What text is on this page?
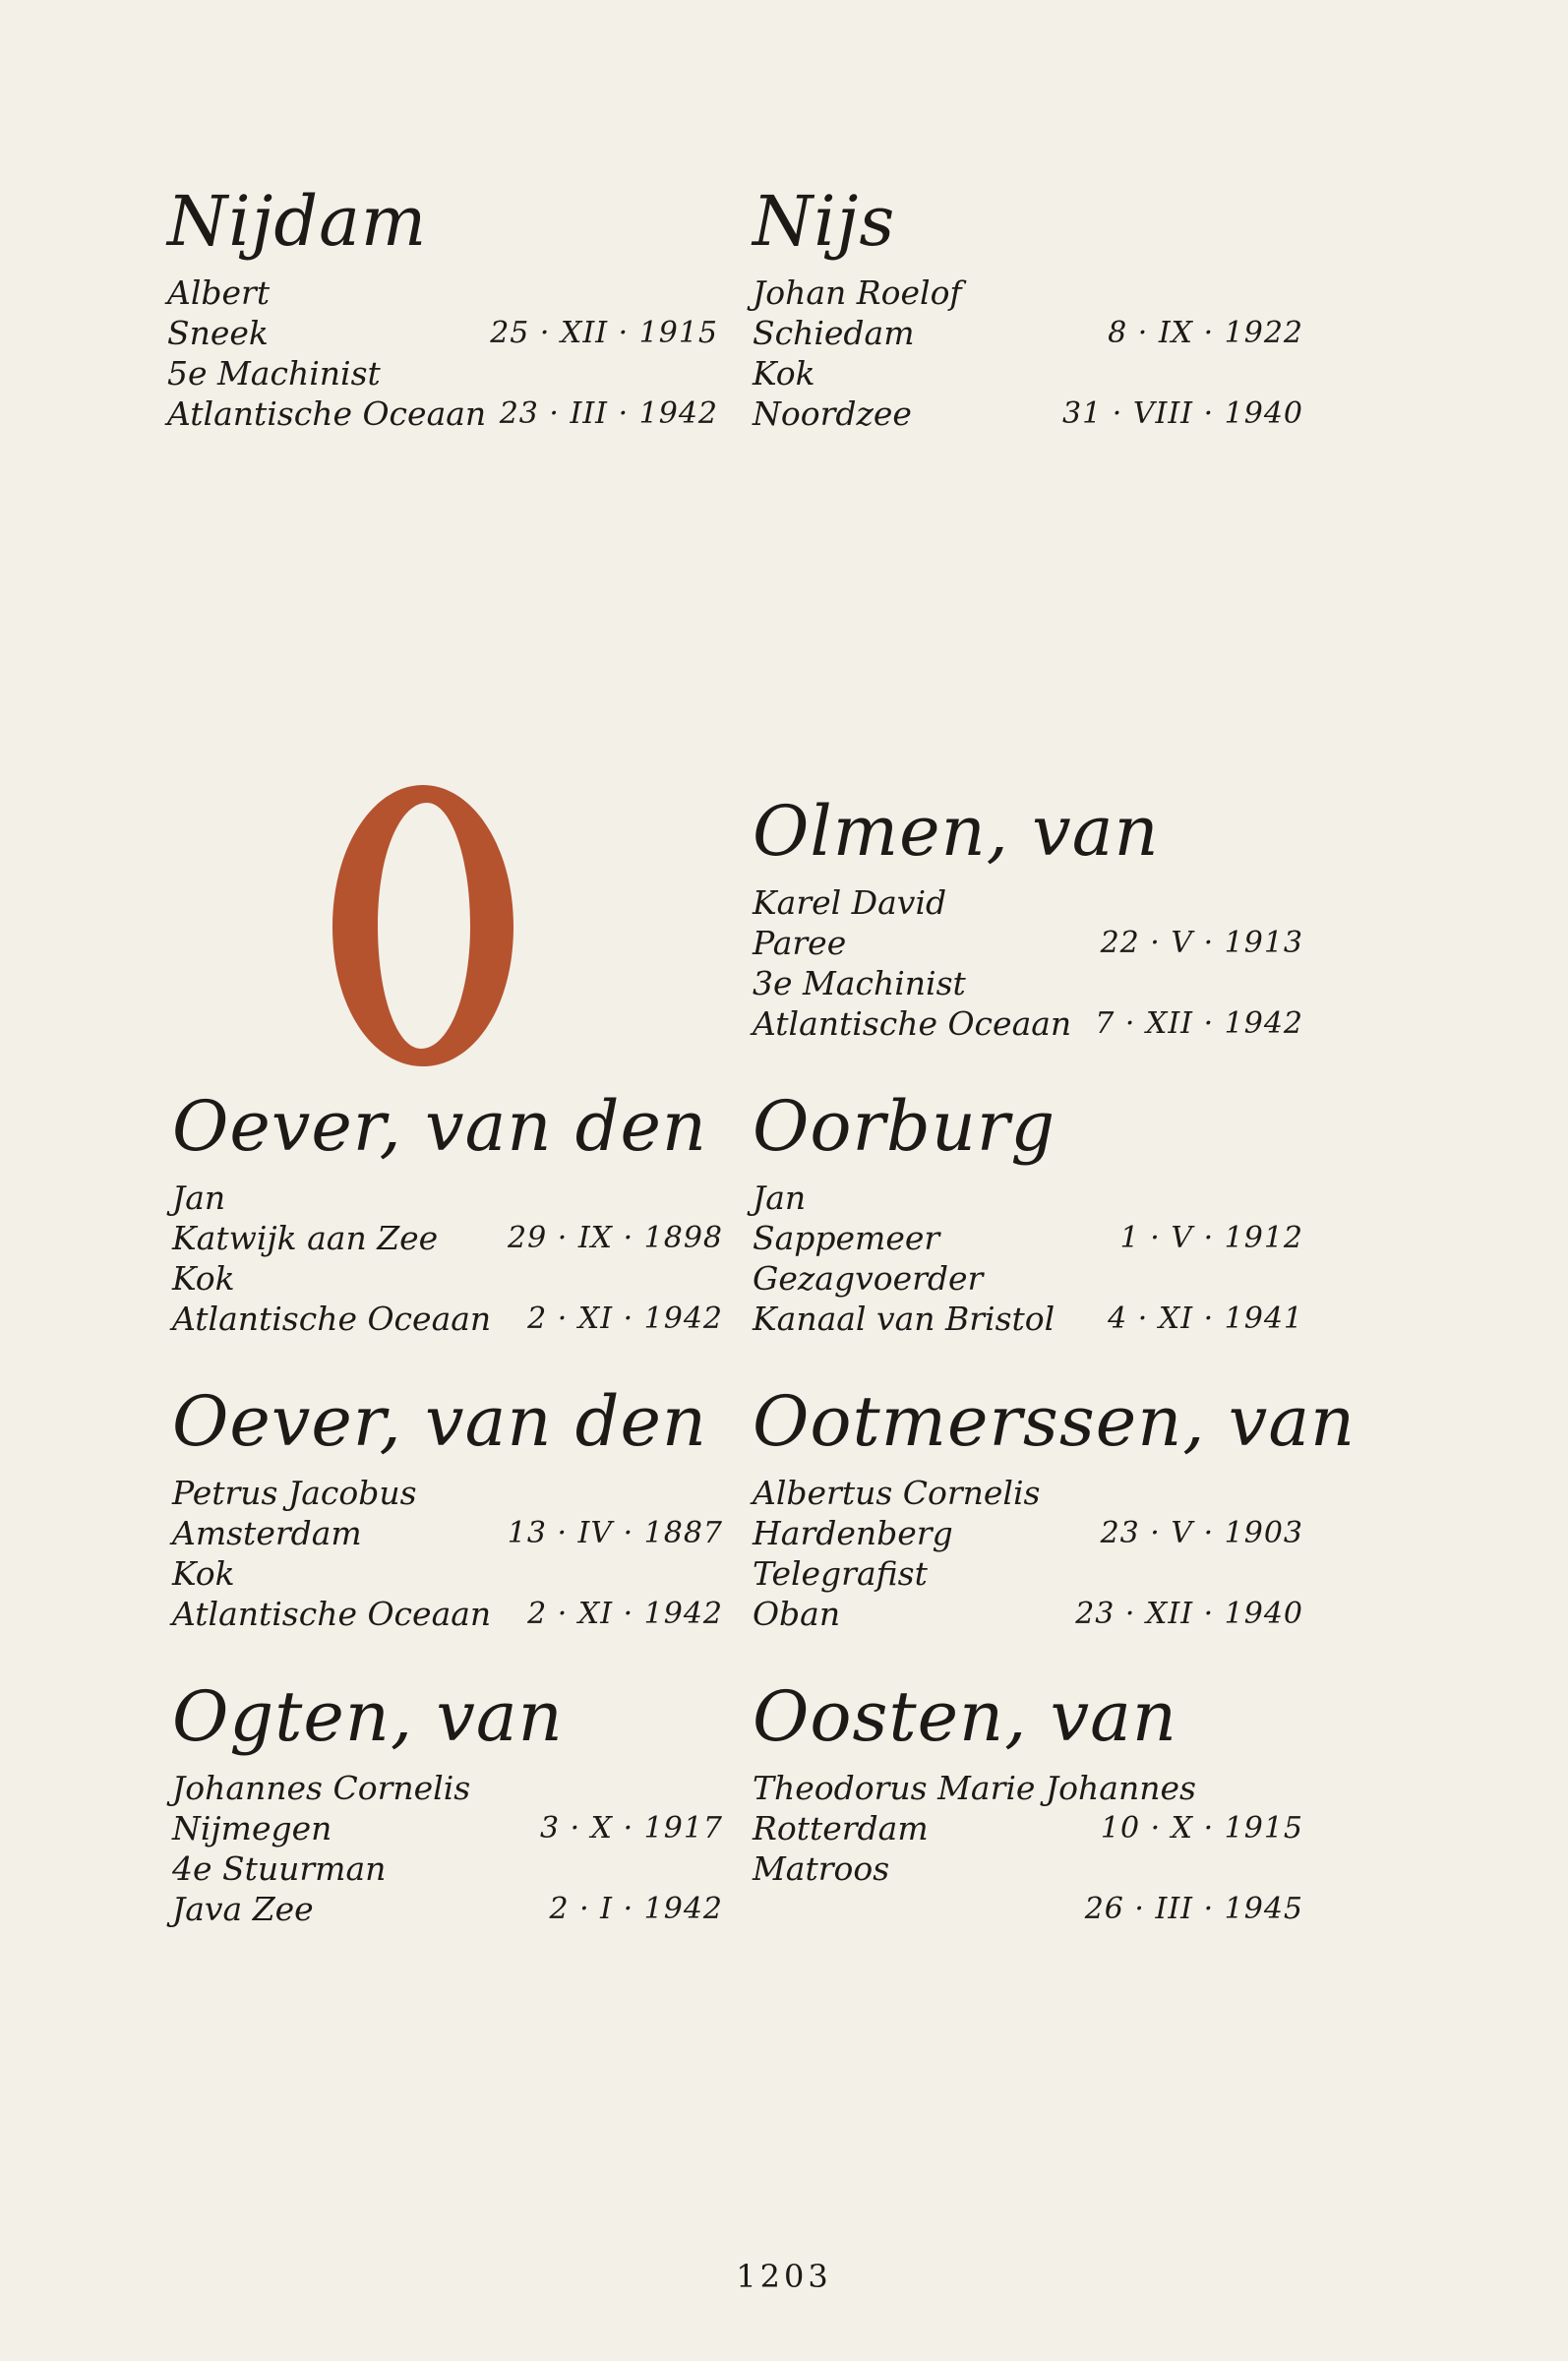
Nijdam
Albert
Sneek	25 · XII · 1915
5e Machinist
Atlantische Oceaan 23 · III · 1942
Oever, van den
Jan
Katwijk aan Zee 29 · IX · 1898
Kok
Atlantische Oceaan 2 · XI · 1942
Oever, van den
Petrus Jacobus
Amsterdam	13 · IV · 1887
Kok
Atlantische Oceaan 2 · XI · 1942
Ogten, van
Johannes Cornelis
Nijmegen	3 · X · 1917
4e Stuurman
Java Zee	2 · I · 1942
Nijs
Johan Roelof
Schiedam	8 · IX · 1922
Kok
Noordzee	31 · VIII · 1940
Olmen, van
Karel David
Paree	22 · V · 1913
3e Machinist
Atlantische Oceaan 7 · XII · 1942
Oorburg
Jan
Sappemeer	1 · V · 1912
Gezagvoerder
Kanaal van Bristol 4 · XI · 1941
Ootmerssen, van
Albertus Cornelis
Hardenberg	23 · V · 1903
Telegrafist
Oban	23 · XII · 1940
Oosten, van
Theodorus Marie Johannes
Rotterdam	10 · X · 1915
Matroos
26 · III · 1945
1203
